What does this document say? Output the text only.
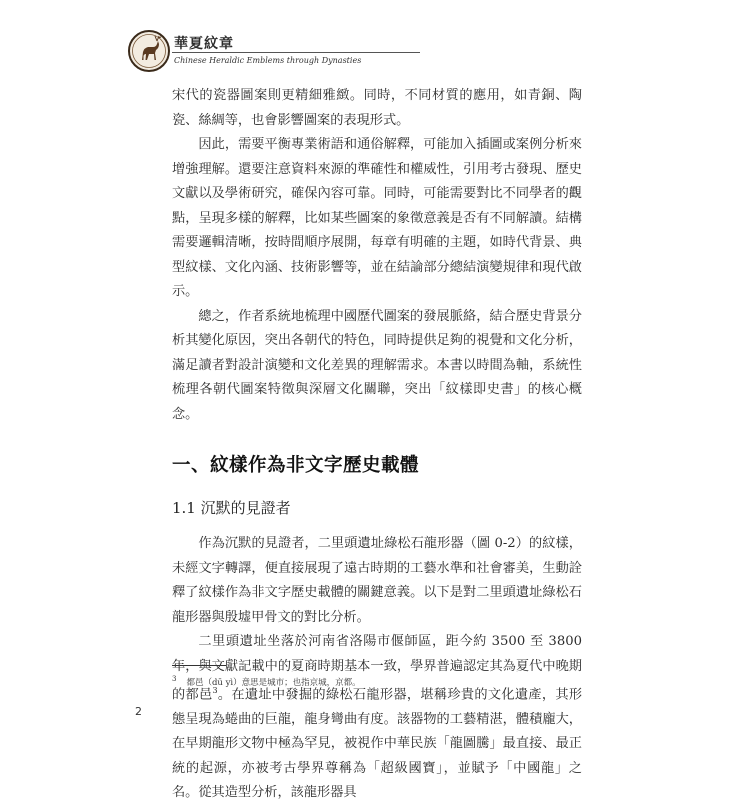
華夏紋章
Chinese Heraldic Emblems through Dynasties

宋代的瓷器圖案則更精細雅緻。同時，不同材質的應用，如青銅、陶瓷、絲綢等，也會影響圖案的表現形式。

因此，需要平衡專業術語和通俗解釋，可能加入插圖或案例分析來增強理解。還要注意資料來源的準確性和權威性，引用考古發現、歷史文獻以及學術研究，確保內容可靠。同時，可能需要對比不同學者的觀點，呈現多樣的解釋，比如某些圖案的象徵意義是否有不同解讀。結構需要邏輯清晰，按時間順序展開，每章有明確的主題，如時代背景、典型紋樣、文化內涵、技術影響等，並在結論部分總結演變規律和現代啟示。

總之，作者系統地梳理中國歷代圖案的發展脈絡，結合歷史背景分析其變化原因，突出各朝代的特色，同時提供足夠的視覺和文化分析，滿足讀者對設計演變和文化差異的理解需求。本書以時間為軸，系統性梳理各朝代圖案特徵與深層文化關聯，突出「紋樣即史書」的核心概念。

一、紋樣作為非文字歷史載體
1.1 沉默的見證者

作為沉默的見證者，二里頭遺址綠松石龍形器（圖 0-2）的紋樣，未經文字轉譯，便直接展現了遠古時期的工藝水準和社會審美，生動詮釋了紋樣作為非文字歷史載體的關鍵意義。以下是對二里頭遺址綠松石龍形器與殷墟甲骨文的對比分析。

二里頭遺址坐落於河南省洛陽市偃師區，距今約 3500 至 3800 年，與文獻記載中的夏商時期基本一致，學界普遍認定其為夏代中晚期的都邑$^3$。在遺址中發掘的綠松石龍形器，堪稱珍貴的文化遺產，其形態呈現為蜷曲的巨龍，龍身彎曲有度。該器物的工藝精湛，體積龐大，在早期龍形文物中極為罕見，被視作中華民族「龍圖騰」最直接、最正統的起源，亦被考古學界尊稱為「超級國寶」，並賦予「中國龍」之名。從其造型分析，該龍形器具

$^3$ 都邑（dū yì）意思是城市；也指京城，京都。
2
